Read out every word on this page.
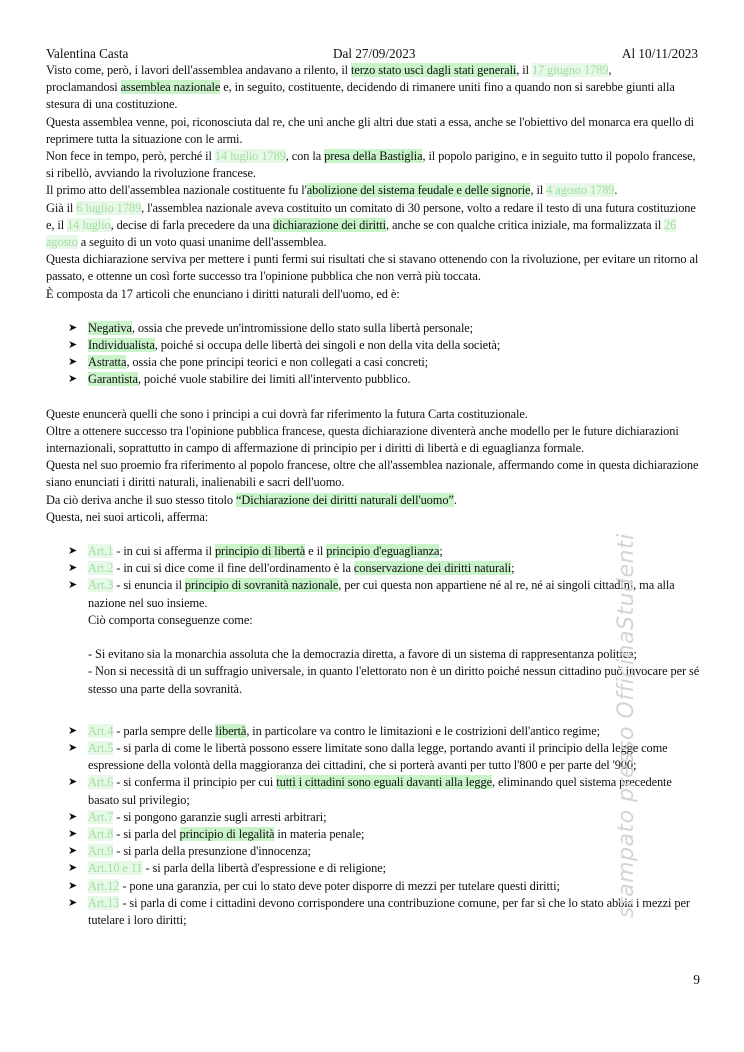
Valentina Casta	Dal 27/09/2023	Al 10/11/2023

Visto come, però, i lavori dell'assemblea andavano a rilento, il terzo stato uscì dagli stati generali, il 17 giugno 1789,
proclamandosi assemblea nazionale e, in seguito, costituente, decidendo di rimanere uniti fino a quando non si sarebbe giunti alla stesura di una costituzione.

Questa assemblea venne, poi, riconosciuta dal re, che unì anche gli altri due stati a essa, anche se l'obiettivo del monarca era quello di reprimere tutta la situazione con le armi.

Non fece in tempo, però, perché il 14 luglio 1789, con la presa della Bastiglia, il popolo parigino, e in seguito tutto il popolo francese, si ribellò, avviando la rivoluzione francese.

Il primo atto dell'assemblea nazionale costituente fu l'abolizione del sistema feudale e delle signorie, il 4 agosto 1789.

Già il 6 luglio 1789, l'assemblea nazionale aveva costituito un comitato di 30 persone, volto a redare il testo di una futura costituzione e, il 14 luglio, decise di farla precedere da una dichiarazione dei diritti, anche se con qualche critica iniziale, ma formalizzata il 26 agosto a seguito di un voto quasi unanime dell'assemblea.

Questa dichiarazione serviva per mettere i punti fermi sui risultati che si stavano ottenendo con la rivoluzione, per evitare un ritorno al passato, e ottenne un così forte successo tra l'opinione pubblica che non verrà più toccata.

È composta da 17 articoli che enunciano i diritti naturali dell'uomo, ed è:

➤ Negativa, ossia che prevede un'intromissione dello stato sulla libertà personale;
➤ Individualista, poiché si occupa delle libertà dei singoli e non della vita della società;
➤ Astratta, ossia che pone principi teorici e non collegati a casi concreti;
➤ Garantista, poiché vuole stabilire dei limiti all'intervento pubblico.

Queste enuncerà quelli che sono i principi a cui dovrà far riferimento la futura Carta costituzionale.

Oltre a ottenere successo tra l'opinione pubblica francese, questa dichiarazione diventerà anche modello per le future dichiarazioni internazionali, soprattutto in campo di affermazione di principio per i diritti di libertà e di eguaglianza formale.

Questa nel suo proemio fra riferimento al popolo francese, oltre che all'assemblea nazionale, affermando come in questa dichiarazione siano enunciati i diritti naturali, inalienabili e sacri dell'uomo.

Da ciò deriva anche il suo stesso titolo “Dichiarazione dei diritti naturali dell'uomo”.

Questa, nei suoi articoli, afferma:

➤ Art.1 - in cui si afferma il principio di libertà e il principio d'eguaglianza;
➤ Art.2 - in cui si dice come il fine dell'ordinamento è la conservazione dei diritti naturali;
➤ Art.3 - si enuncia il principio di sovranità nazionale, per cui questa non appartiene né al re, né ai singoli cittadini, ma alla nazione nel suo insieme.
Ciò comporta conseguenze come:
- Si evitano sia la monarchia assoluta che la democrazia diretta, a favore di un sistema di rappresentanza politica;
- Non si necessità di un suffragio universale, in quanto l'elettorato non è un diritto poiché nessun cittadino può invocare per sé stesso una parte della sovranità.
➤ Art.4 - parla sempre delle libertà, in particolare va contro le limitazioni e le costrizioni dell'antico regime;
➤ Art.5 - si parla di come le libertà possono essere limitate sono dalla legge, portando avanti il principio della legge come espressione della volontà della maggioranza dei cittadini, che si porterà avanti per tutto l'800 e per parte del '900;
➤ Art.6 - si conferma il principio per cui tutti i cittadini sono eguali davanti alla legge, eliminando quel sistema precedente basato sul privilegio;
➤ Art.7 - si pongono garanzie sugli arresti arbitrari;
➤ Art.8 - si parla del principio di legalità in materia penale;
➤ Art.9 - si parla della presunzione d'innocenza;
➤ Art.10 e 11 - si parla della libertà d'espressione e di religione;
➤ Art.12 - pone una garanzia, per cui lo stato deve poter disporre di mezzi per tutelare questi diritti;
➤ Art.13 - si parla di come i cittadini devono corrispondere una contribuzione comune, per far sì che lo stato abbia i mezzi per tutelare i loro diritti;
stampato presso OfficinaStudenti
9
